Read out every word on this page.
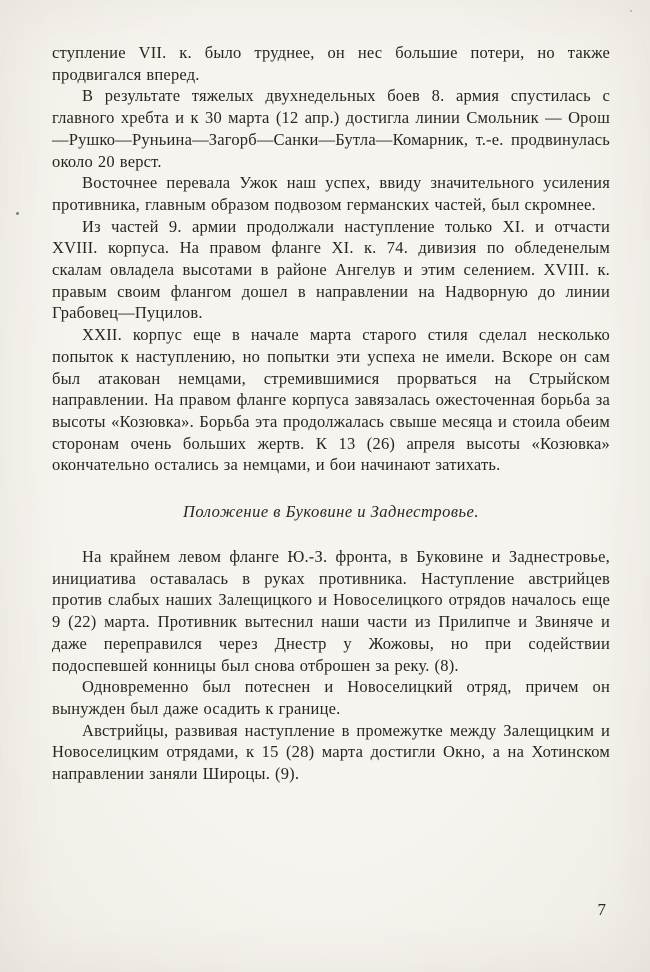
ступление VII. к. было труднее, он нес большие потери, но также продвигался вперед.

В результате тяжелых двухнедельных боев 8. армия спустилась с главного хребта и к 30 марта (12 апр.) достигла линии Смольник — Орош—Рушко—Руньина—Загорб—Санки—Бутла—Комарник, т.-е. продвинулась около 20 верст.

Восточнее перевала Ужок наш успех, ввиду значительного усиления противника, главным образом подвозом германских частей, был скромнее.

Из частей 9. армии продолжали наступление только XI. и отчасти XVIII. корпуса. На правом фланге XI. к. 74. дивизия по обледенелым скалам овладела высотами в районе Ангелув и этим селением. XVIII. к. правым своим флангом дошел в направлении на Надворную до линии Грабовец—Пуцилов.

XXII. корпус еще в начале марта старого стиля сделал несколько попыток к наступлению, но попытки эти успеха не имели. Вскоре он сам был атакован немцами, стремившимися прорваться на Стрыйском направлении. На правом фланге корпуса завязалась ожесточенная борьба за высоты «Козювка». Борьба эта продолжалась свыше месяца и стоила обеим сторонам очень больших жертв. К 13 (26) апреля высоты «Козювка» окончательно остались за немцами, и бои начинают затихать.

Положение в Буковине и Заднестровье.

На крайнем левом фланге Ю.-З. фронта, в Буковине и Заднестровье, инициатива оставалась в руках противника. Наступление австрийцев против слабых наших Залещицкого и Новоселицкого отрядов началось еще 9 (22) марта. Противник вытеснил наши части из Прилипче и Звиняче и даже переправился через Днестр у Жожовы, но при содействии подоспевшей конницы был снова отброшен за реку. (8).

Одновременно был потеснен и Новоселицкий отряд, причем он вынужден был даже осадить к границе.

Австрийцы, развивая наступление в промежутке между Залещицким и Новоселицким отрядами, к 15 (28) марта достигли Окно, а на Хотинском направлении заняли Широцы. (9).

7
